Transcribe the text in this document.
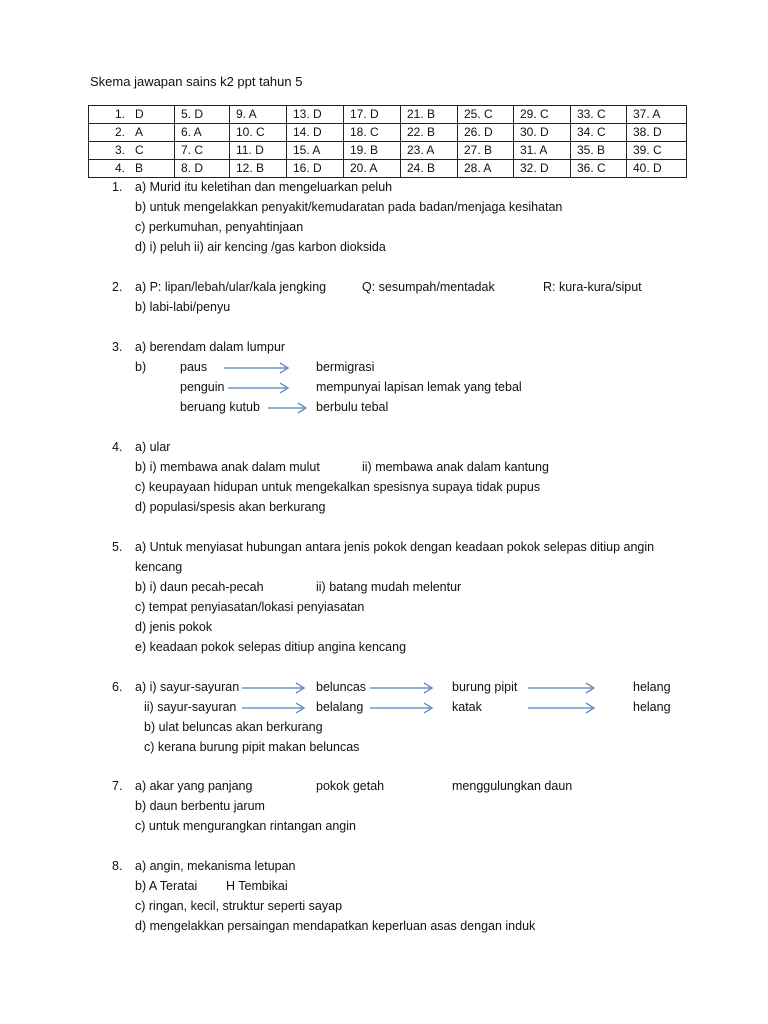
Skema jawapan sains k2 ppt tahun 5
1. D	5. D	9. A	13. D	17. D	21. B	25. C	29. C	33. C	37. A
2. A	6. A	10. C	14. D	18. C	22. B	26. D	30. D	34. C	38. D
3. C	7. C	11. D	15. A	19. B	23. A	27. B	31. A	35. B	39. C
4. B	8. D	12. B	16. D	20. A	24. B	28. A	32. D	36. C	40. D
1.	a) Murid itu keletihan dan mengeluarkan peluh
b) untuk mengelakkan penyakit/kemudaratan pada badan/menjaga kesihatan
c) perkumuhan, penyahtinjaan
d) i) peluh ii) air kencing /gas karbon dioksida
2.	a) P: lipan/lebah/ular/kala jengking	Q: sesumpah/mentadak	R: kura-kura/siput
b) labi-labi/penyu
3.	a) berendam dalam lumpur
b)	paus	bermigrasi
penguin	mempunyai lapisan lemak yang tebal
beruang kutub	berbulu tebal
4.	a) ular
b) i) membawa anak dalam mulut	ii) membawa anak dalam kantung
c) keupayaan hidupan untuk mengekalkan spesisnya supaya tidak pupus
d) populasi/spesis akan berkurang
5.	a) Untuk menyiasat hubungan antara jenis pokok dengan keadaan pokok selepas ditiup angin
kencang
b) i) daun pecah-pecah	ii) batang mudah melentur
c) tempat penyiasatan/lokasi penyiasatan
d) jenis pokok
e) keadaan pokok selepas ditiup angina kencang
6.	a) i) sayur-sayuran	beluncas	burung pipit	helang
ii) sayur-sayuran	belalang	katak	helang
b) ulat beluncas akan berkurang
c) kerana burung pipit makan beluncas
7.	a) akar yang panjang	pokok getah	menggulungkan daun
b) daun berbentu jarum
c) untuk mengurangkan rintangan angin
8.	a) angin, mekanisma letupan
b) A Teratai H Tembikai
c) ringan, kecil, struktur seperti sayap
d) mengelakkan persaingan mendapatkan keperluan asas dengan induk
